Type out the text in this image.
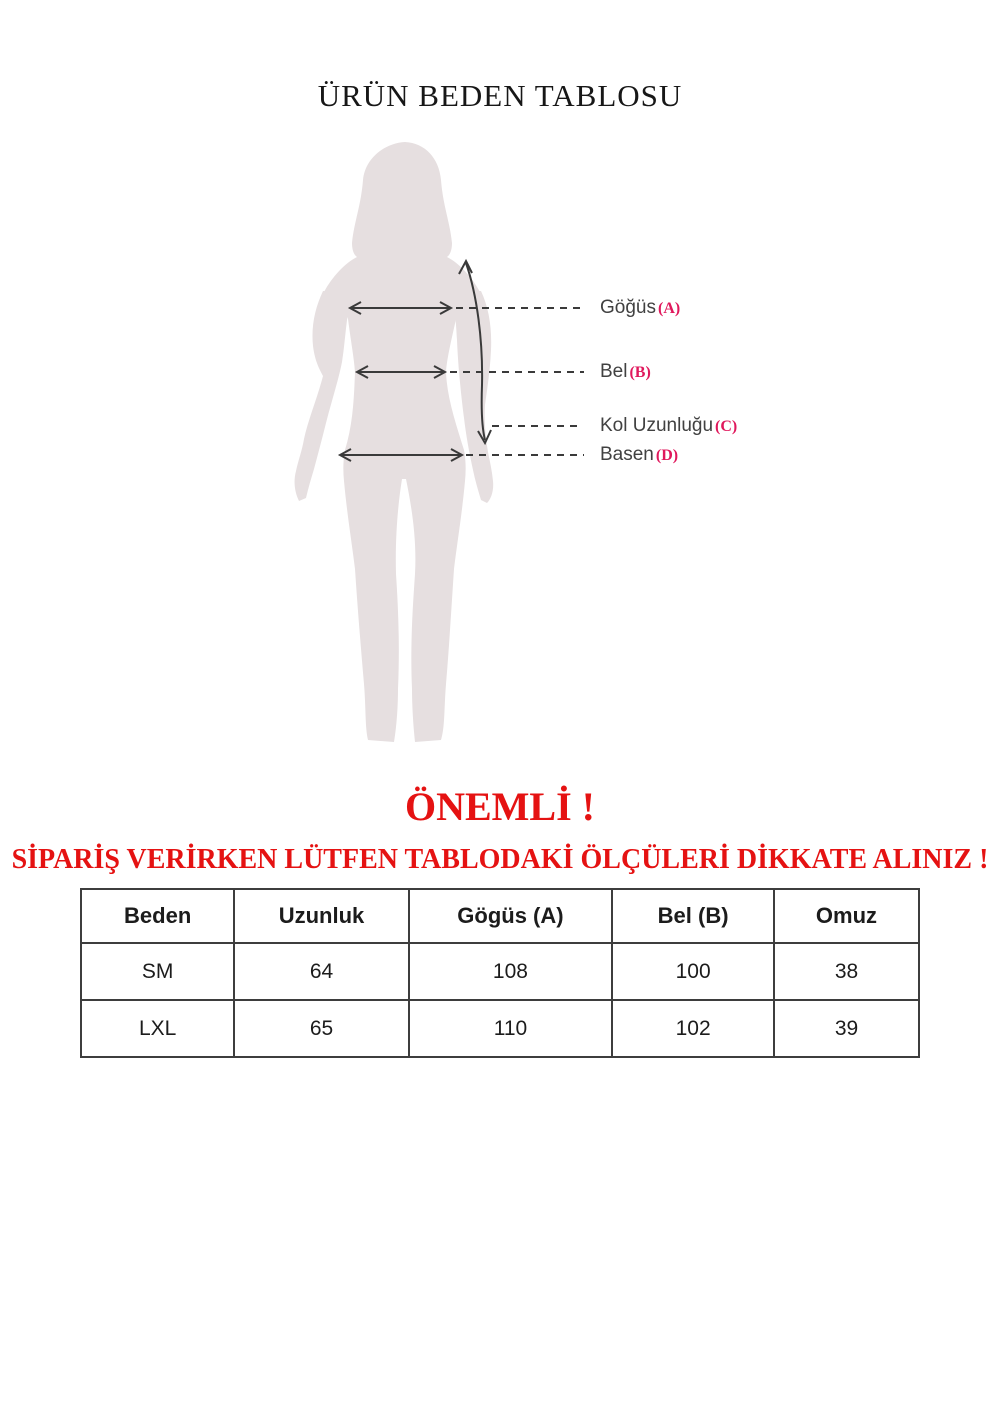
ÜRÜN BEDEN TABLOSU
Göğüs (A)
Bel (B)
Kol Uzunluğu (C)
Basen (D)
ÖNEMLİ !
SİPARİŞ VERİRKEN LÜTFEN TABLODAKİ ÖLÇÜLERİ DİKKATE ALINIZ !
Beden	Uzunluk	Gögüs (A)	Bel (B)	Omuz
SM	64	108	100	38
LXL	65	110	102	39
